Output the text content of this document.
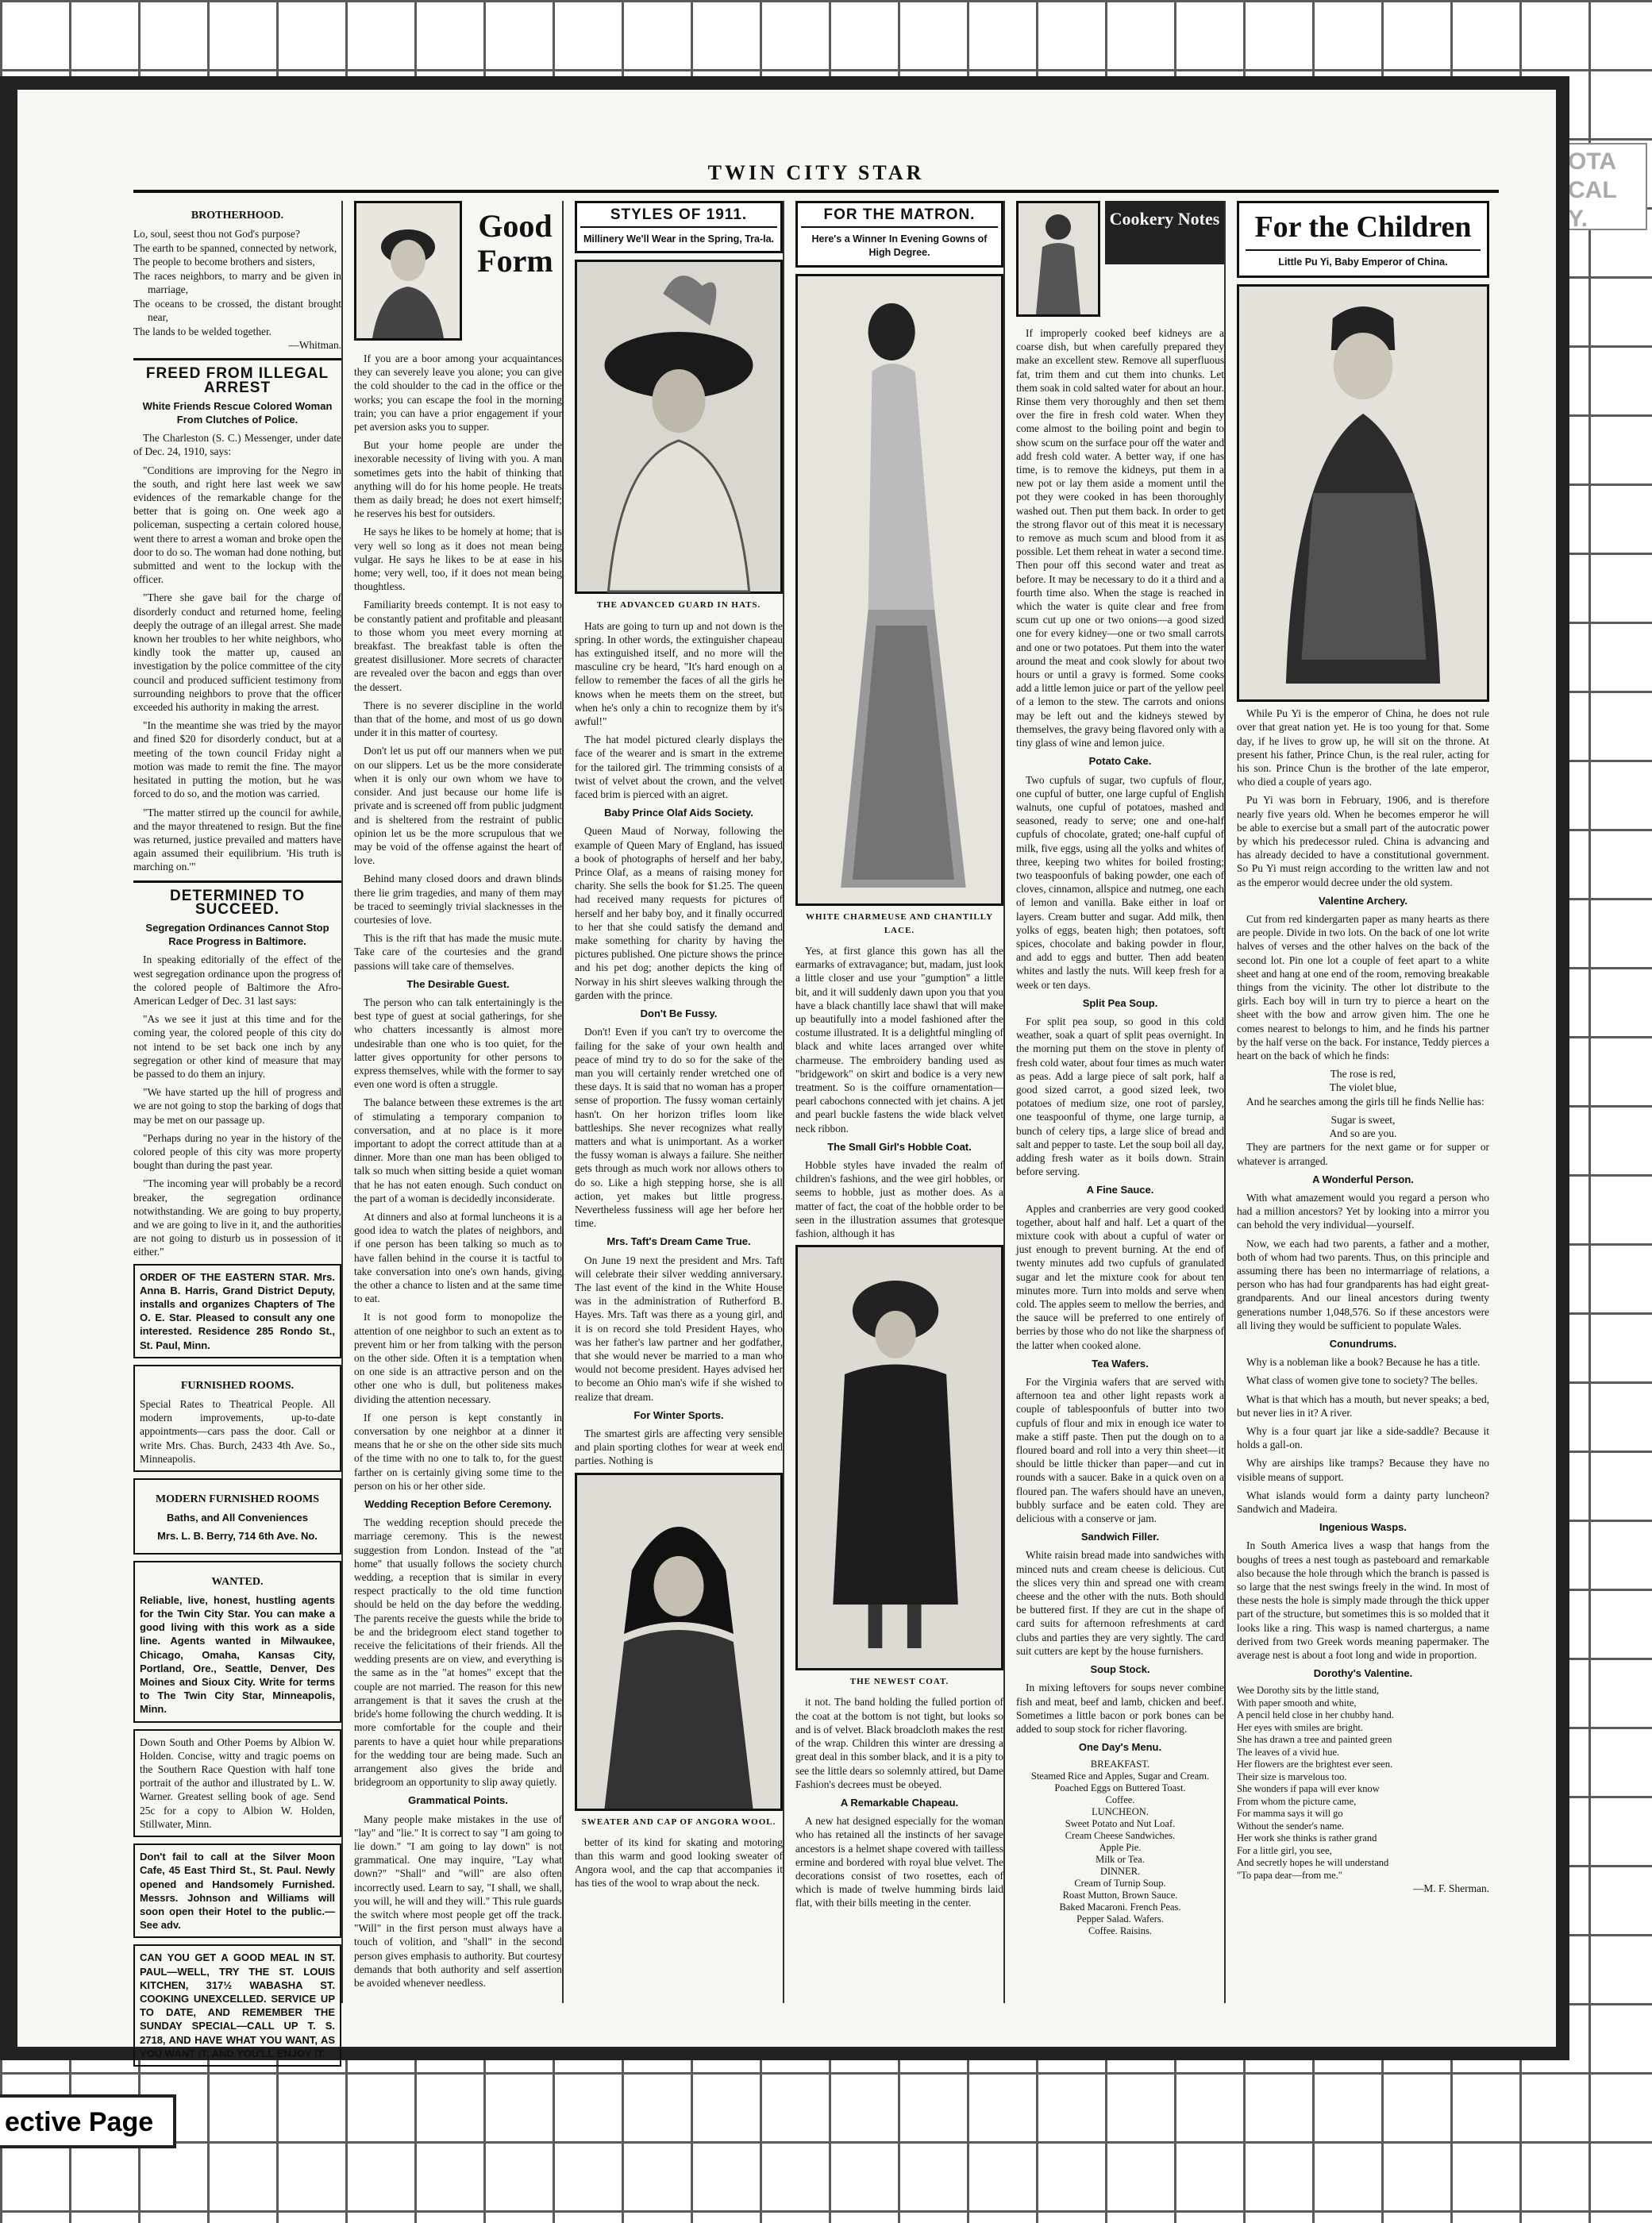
OTA
CAL
Y.
TWIN CITY STAR
BROTHERHOOD.
Lo, soul, seest thou not God's purpose?
The earth to be spanned, connected by network,
The people to become brothers and sisters,
The races neighbors, to marry and be given in marriage,
The oceans to be crossed, the distant brought near,
The lands to be welded together.
—Whitman.
FREED FROM ILLEGAL ARREST
White Friends Rescue Colored Woman From Clutches of Police.

The Charleston (S. C.) Messenger, under date of Dec. 24, 1910, says:

"Conditions are improving for the Negro in the south, and right here last week we saw evidences of the remarkable change for the better that is going on. One week ago a policeman, suspecting a certain colored house, went there to arrest a woman and broke open the door to do so. The woman had done nothing, but submitted and went to the lockup with the officer.

"There she gave bail for the charge of disorderly conduct and returned home, feeling deeply the outrage of an illegal arrest. She made known her troubles to her white neighbors, who kindly took the matter up, caused an investigation by the police committee of the city council and produced sufficient testimony from surrounding neighbors to prove that the officer exceeded his authority in making the arrest.

"In the meantime she was tried by the mayor and fined $20 for disorderly conduct, but at a meeting of the town council Friday night a motion was made to remit the fine. The mayor hesitated in putting the motion, but he was forced to do so, and the motion was carried.

"The matter stirred up the council for awhile, and the mayor threatened to resign. But the fine was returned, justice prevailed and matters have again assumed their equilibrium. 'His truth is marching on.'"

DETERMINED TO SUCCEED.
Segregation Ordinances Cannot Stop Race Progress in Baltimore.

In speaking editorially of the effect of the west segregation ordinance upon the progress of the colored people of Baltimore the Afro-American Ledger of Dec. 31 last says:

"As we see it just at this time and for the coming year, the colored people of this city do not intend to be set back one inch by any segregation or other kind of measure that may be passed to do them an injury.

"We have started up the hill of progress and we are not going to stop the barking of dogs that may be met on our passage up.

"Perhaps during no year in the history of the colored people of this city was more property bought than during the past year.

"The incoming year will probably be a record breaker, the segregation ordinance notwithstanding. We are going to buy property, and we are going to live in it, and the authorities are not going to disturb us in possession of it either."

ORDER OF THE EASTERN STAR. Mrs. Anna B. Harris, Grand District Deputy, installs and organizes Chapters of The O. E. Star. Pleased to consult any one interested. Residence 285 Rondo St., St. Paul, Minn.
FURNISHED ROOMS.
Special Rates to Theatrical People. All modern improvements, up-to-date appointments—cars pass the door. Call or write Mrs. Chas. Burch, 2433 4th Ave. So., Minneapolis.
MODERN FURNISHED ROOMS
Baths, and All Conveniences
Mrs. L. B. Berry, 714 6th Ave. No.
WANTED.
Reliable, live, honest, hustling agents for the Twin City Star. You can make a good living with this work as a side line. Agents wanted in Milwaukee, Chicago, Omaha, Kansas City, Portland, Ore., Seattle, Denver, Des Moines and Sioux City. Write for terms to The Twin City Star, Minneapolis, Minn.
Down South and Other Poems by Albion W. Holden. Concise, witty and tragic poems on the Southern Race Question with half tone portrait of the author and illustrated by L. W. Warner. Greatest selling book of age. Send 25c for a copy to Albion W. Holden, Stillwater, Minn.
Don't fail to call at the Silver Moon Cafe, 45 East Third St., St. Paul. Newly opened and Handsomely Furnished. Messrs. Johnson and Williams will soon open their Hotel to the public.—See adv.
CAN YOU GET A GOOD MEAL IN ST. PAUL—WELL, TRY THE ST. LOUIS KITCHEN, 317½ WABASHA ST. COOKING UNEXCELLED. SERVICE UP TO DATE, AND REMEMBER THE SUNDAY SPECIAL—CALL UP T. S. 2718, AND HAVE WHAT YOU WANT, AS YOU WANT IT, AND YOU'LL ENJOY IT.
Good Form

If you are a boor among your acquaintances they can severely leave you alone; you can give the cold shoulder to the cad in the office or the works; you can escape the fool in the morning train; you can have a prior engagement if your pet aversion asks you to supper.

But your home people are under the inexorable necessity of living with you. A man sometimes gets into the habit of thinking that anything will do for his home people. He treats them as daily bread; he does not exert himself; he reserves his best for outsiders.

He says he likes to be homely at home; that is very well so long as it does not mean being vulgar. He says he likes to be at ease in his home; very well, too, if it does not mean being thoughtless.

Familiarity breeds contempt. It is not easy to be constantly patient and profitable and pleasant to those whom you meet every morning at breakfast. The breakfast table is often the greatest disillusioner. More secrets of character are revealed over the bacon and eggs than over the dessert.

There is no severer discipline in the world than that of the home, and most of us go down under it in this matter of courtesy.

Don't let us put off our manners when we put on our slippers. Let us be the more considerate when it is only our own whom we have to consider. And just because our home life is private and is screened off from public judgment and is sheltered from the restraint of public opinion let us be the more scrupulous that we may be void of the offense against the heart of love.

Behind many closed doors and drawn blinds there lie grim tragedies, and many of them may be traced to seemingly trivial slacknesses in the courtesies of love.

This is the rift that has made the music mute. Take care of the courtesies and the grand passions will take care of themselves.

The Desirable Guest.

The person who can talk entertainingly is the best type of guest at social gatherings, for she who chatters incessantly is almost more undesirable than one who is too quiet, for the latter gives opportunity for other persons to express themselves, while with the former to say even one word is often a struggle.

The balance between these extremes is the art of stimulating a temporary companion to conversation, and at no place is it more important to adopt the correct attitude than at a dinner. More than one man has been obliged to talk so much when sitting beside a quiet woman that he has not eaten enough. Such conduct on the part of a woman is decidedly inconsiderate.

At dinners and also at formal luncheons it is a good idea to watch the plates of neighbors, and if one person has been talking so much as to have fallen behind in the course it is tactful to take conversation into one's own hands, giving the other a chance to listen and at the same time to eat.

It is not good form to monopolize the attention of one neighbor to such an extent as to prevent him or her from talking with the person on the other side. Often it is a temptation when on one side is an attractive person and on the other one who is dull, but politeness makes dividing the attention necessary.

If one person is kept constantly in conversation by one neighbor at a dinner it means that he or she on the other side sits much of the time with no one to talk to, for the guest farther on is certainly giving some time to the person on his or her other side.

Wedding Reception Before Ceremony.

The wedding reception should precede the marriage ceremony. This is the newest suggestion from London. Instead of the "at home" that usually follows the society church wedding, a reception that is similar in every respect practically to the old time function should be held on the day before the wedding. The parents receive the guests while the bride to be and the bridegroom elect stand together to receive the felicitations of their friends. All the wedding presents are on view, and everything is the same as in the "at homes" except that the couple are not married. The reason for this new arrangement is that it saves the crush at the bride's home following the church wedding. It is more comfortable for the couple and their parents to have a quiet hour while preparations for the wedding tour are being made. Such an arrangement also gives the bride and bridegroom an opportunity to slip away quietly.

Grammatical Points.

Many people make mistakes in the use of "lay" and "lie." It is correct to say "I am going to lie down." "I am going to lay down" is not grammatical. One may inquire, "Lay what down?" "Shall" and "will" are also often incorrectly used. Learn to say, "I shall, we shall, you will, he will and they will." This rule guards the switch where most people get off the track. "Will" in the first person must always have a touch of volition, and "shall" in the second person gives emphasis to authority. But courtesy demands that both authority and self assertion be avoided whenever needless.

STYLES OF 1911.
Millinery We'll Wear in the Spring, Tra-la.
THE ADVANCED GUARD IN HATS.

Hats are going to turn up and not down is the spring. In other words, the extinguisher chapeau has extinguished itself, and no more will the masculine cry be heard, "It's hard enough on a fellow to remember the faces of all the girls he knows when he meets them on the street, but when he's only a chin to recognize them by it's awful!"

The hat model pictured clearly displays the face of the wearer and is smart in the extreme for the tailored girl. The trimming consists of a twist of velvet about the crown, and the velvet faced brim is pierced with an aigret.

Baby Prince Olaf Aids Society.

Queen Maud of Norway, following the example of Queen Mary of England, has issued a book of photographs of herself and her baby, Prince Olaf, as a means of raising money for charity. She sells the book for $1.25. The queen had received many requests for pictures of herself and her baby boy, and it finally occurred to her that she could satisfy the demand and make something for charity by having the pictures published. One picture shows the prince and his pet dog; another depicts the king of Norway in his shirt sleeves walking through the garden with the prince.

Don't Be Fussy.

Don't! Even if you can't try to overcome the failing for the sake of your own health and peace of mind try to do so for the sake of the man you will certainly render wretched one of these days. It is said that no woman has a proper sense of proportion. The fussy woman certainly hasn't. On her horizon trifles loom like battleships. She never recognizes what really matters and what is unimportant. As a worker the fussy woman is always a failure. She neither gets through as much work nor allows others to do so. Like a high stepping horse, she is all action, yet makes but little progress. Nevertheless fussiness will age her before her time.

Mrs. Taft's Dream Came True.

On June 19 next the president and Mrs. Taft will celebrate their silver wedding anniversary. The last event of the kind in the White House was in the administration of Rutherford B. Hayes. Mrs. Taft was there as a young girl, and it is on record she told President Hayes, who was her father's law partner and her godfather, that she would never be married to a man who would not become president. Hayes advised her to become an Ohio man's wife if she wished to realize that dream.

For Winter Sports.

The smartest girls are affecting very sensible and plain sporting clothes for wear at week end parties. Nothing is

SWEATER AND CAP OF ANGORA WOOL.

better of its kind for skating and motoring than this warm and good looking sweater of Angora wool, and the cap that accompanies it has ties of the wool to wrap about the neck.

FOR THE MATRON.
Here's a Winner In Evening Gowns of High Degree.
WHITE CHARMEUSE AND CHANTILLY LACE.

Yes, at first glance this gown has all the earmarks of extravagance; but, madam, just look a little closer and use your "gumption" a little bit, and it will suddenly dawn upon you that you have a black chantilly lace shawl that will make up beautifully into a model fashioned after the costume illustrated. It is a delightful mingling of black and white laces arranged over white charmeuse. The embroidery banding used as "bridgework" on skirt and bodice is a very new treatment. So is the coiffure ornamentation—pearl cabochons connected with jet chains. A jet and pearl buckle fastens the wide black velvet neck ribbon.

The Small Girl's Hobble Coat.

Hobble styles have invaded the realm of children's fashions, and the wee girl hobbles, or seems to hobble, just as mother does. As a matter of fact, the coat of the hobble order to be seen in the illustration assumes that grotesque fashion, although it has

THE NEWEST COAT.

it not. The band holding the fulled portion of the coat at the bottom is not tight, but looks so and is of velvet. Black broadcloth makes the rest of the wrap. Children this winter are dressing a great deal in this somber black, and it is a pity to see the little dears so solemnly attired, but Dame Fashion's decrees must be obeyed.

A Remarkable Chapeau.

A new hat designed especially for the woman who has retained all the instincts of her savage ancestors is a helmet shape covered with tailless ermine and bordered with royal blue velvet. The decorations consist of two rosettes, each of which is made of twelve humming birds laid flat, with their bills meeting in the center.

Cookery Notes

If improperly cooked beef kidneys are a coarse dish, but when carefully prepared they make an excellent stew. Remove all superfluous fat, trim them and cut them into chunks. Let them soak in cold salted water for about an hour. Rinse them very thoroughly and then set them over the fire in fresh cold water. When they come almost to the boiling point and begin to show scum on the surface pour off the water and add fresh cold water. A better way, if one has time, is to remove the kidneys, put them in a new pot or lay them aside a moment until the pot they were cooked in has been thoroughly washed out. Then put them back. In order to get the strong flavor out of this meat it is necessary to remove as much scum and blood from it as possible. Let them reheat in water a second time. Then pour off this second water and treat as before. It may be necessary to do it a third and a fourth time also. When the stage is reached in which the water is quite clear and free from scum cut up one or two onions—a good sized one for every kidney—one or two small carrots and one or two potatoes. Put them into the water around the meat and cook slowly for about two hours or until a gravy is formed. Some cooks add a little lemon juice or part of the yellow peel of a lemon to the stew. The carrots and onions may be left out and the kidneys stewed by themselves, the gravy being flavored only with a tiny glass of wine and lemon juice.

Potato Cake.

Two cupfuls of sugar, two cupfuls of flour, one cupful of butter, one large cupful of English walnuts, one cupful of potatoes, mashed and seasoned, ready to serve; one and one-half cupfuls of chocolate, grated; one-half cupful of milk, five eggs, using all the yolks and whites of three, keeping two whites for boiled frosting; two teaspoonfuls of baking powder, one each of cloves, cinnamon, allspice and nutmeg, one each of lemon and vanilla. Bake either in loaf or layers. Cream butter and sugar. Add milk, then yolks of eggs, beaten high; then potatoes, soft spices, chocolate and baking powder in flour, and add to eggs and butter. Then add beaten whites and lastly the nuts. Will keep fresh for a week or ten days.

Split Pea Soup.

For split pea soup, so good in this cold weather, soak a quart of split peas overnight. In the morning put them on the stove in plenty of fresh cold water, about four times as much water as peas. Add a large piece of salt pork, half a good sized carrot, a good sized leek, two potatoes of medium size, one root of parsley, one teaspoonful of thyme, one large turnip, a bunch of celery tips, a large slice of bread and salt and pepper to taste. Let the soup boil all day, adding fresh water as it boils down. Strain before serving.

A Fine Sauce.

Apples and cranberries are very good cooked together, about half and half. Let a quart of the mixture cook with about a cupful of water or just enough to prevent burning. At the end of twenty minutes add two cupfuls of granulated sugar and let the mixture cook for about ten minutes more. Turn into molds and serve when cold. The apples seem to mellow the berries, and the sauce will be preferred to one entirely of berries by those who do not like the sharpness of the latter when cooked alone.

Tea Wafers.

For the Virginia wafers that are served with afternoon tea and other light repasts work a couple of tablespoonfuls of butter into two cupfuls of flour and mix in enough ice water to make a stiff paste. Then put the dough on to a floured board and roll into a very thin sheet—it should be little thicker than paper—and cut in rounds with a saucer. Bake in a quick oven on a floured pan. The wafers should have an uneven, bubbly surface and be eaten cold. They are delicious with a conserve or jam.

Sandwich Filler.

White raisin bread made into sandwiches with minced nuts and cream cheese is delicious. Cut the slices very thin and spread one with cream cheese and the other with the nuts. Both should be buttered first. If they are cut in the shape of card suits for afternoon refreshments at card clubs and parties they are very sightly. The card suit cutters are kept by the house furnishers.

Soup Stock.

In mixing leftovers for soups never combine fish and meat, beef and lamb, chicken and beef. Sometimes a little bacon or pork bones can be added to soup stock for richer flavoring.

One Day's Menu.
BREAKFAST.
Steamed Rice and Apples, Sugar and Cream.
Poached Eggs on Buttered Toast.
Coffee.
LUNCHEON.
Sweet Potato and Nut Loaf.
Cream Cheese Sandwiches.
Apple Pie.
Milk or Tea.
DINNER.
Cream of Turnip Soup.
Roast Mutton, Brown Sauce.
Baked Macaroni. French Peas.
Pepper Salad. Wafers.
Coffee. Raisins.
For the Children
Little Pu Yi, Baby Emperor of China.

While Pu Yi is the emperor of China, he does not rule over that great nation yet. He is too young for that. Some day, if he lives to grow up, he will sit on the throne. At present his father, Prince Chun, is the real ruler, acting for his son. Prince Chun is the brother of the late emperor, who died a couple of years ago.

Pu Yi was born in February, 1906, and is therefore nearly five years old. When he becomes emperor he will be able to exercise but a small part of the autocratic power by which his predecessor ruled. China is advancing and has already decided to have a constitutional government. So Pu Yi must reign according to the written law and not as the emperor would decree under the old system.

Valentine Archery.

Cut from red kindergarten paper as many hearts as there are people. Divide in two lots. On the back of one lot write halves of verses and the other halves on the back of the second lot. Pin one lot a couple of feet apart to a white sheet and hang at one end of the room, removing breakable things from the vicinity. The other lot distribute to the girls. Each boy will in turn try to pierce a heart on the sheet with the bow and arrow given him. The one he comes nearest to belongs to him, and he finds his partner by the half verse on the back. For instance, Teddy pierces a heart on the back of which he finds:

The rose is red,
The violet blue,

And he searches among the girls till he finds Nellie has:

Sugar is sweet,
And so are you.

They are partners for the next game or for supper or whatever is arranged.

A Wonderful Person.

With what amazement would you regard a person who had a million ancestors? Yet by looking into a mirror you can behold the very individual—yourself.

Now, we each had two parents, a father and a mother, both of whom had two parents. Thus, on this principle and assuming there has been no intermarriage of relations, a person who has had four grandparents has had eight great-grandparents. And our lineal ancestors during twenty generations number 1,048,576. So if these ancestors were all living they would be sufficient to populate Wales.

Conundrums.

Why is a nobleman like a book? Because he has a title.

What class of women give tone to society? The belles.

What is that which has a mouth, but never speaks; a bed, but never lies in it? A river.

Why is a four quart jar like a side-saddle? Because it holds a gall-on.

Why are airships like tramps? Because they have no visible means of support.

What islands would form a dainty party luncheon? Sandwich and Madeira.

Ingenious Wasps.

In South America lives a wasp that hangs from the boughs of trees a nest tough as pasteboard and remarkable also because the hole through which the branch is passed is so large that the nest swings freely in the wind. In most of these nests the hole is simply made through the thick upper part of the structure, but sometimes this is so molded that it looks like a ring. This wasp is named chartergus, a name derived from two Greek words meaning papermaker. The average nest is about a foot long and wide in proportion.

Dorothy's Valentine.
Wee Dorothy sits by the little stand,
With paper smooth and white,
A pencil held close in her chubby hand.
Her eyes with smiles are bright.
She has drawn a tree and painted green
The leaves of a vivid hue.
Her flowers are the brightest ever seen.
Their size is marvelous too.
She wonders if papa will ever know
From whom the picture came,
For mamma says it will go
Without the sender's name.
Her work she thinks is rather grand
For a little girl, you see,
And secretly hopes he will understand
"To papa dear—from me."
—M. F. Sherman.
ective Page
